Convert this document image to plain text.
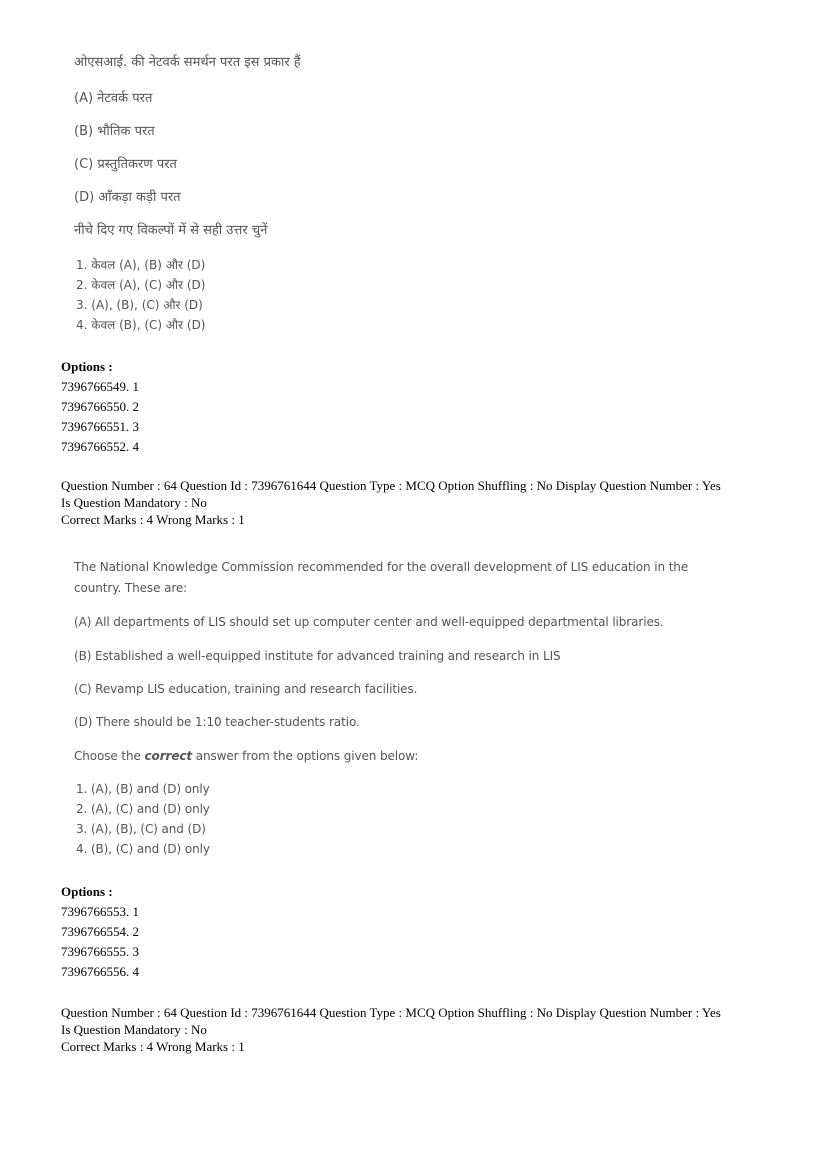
ओएसआई. की नेटवर्क समर्थन परत इस प्रकार हैं
(A) नेटवर्क परत
(B) भौतिक परत
(C) प्रस्तुतिकरण परत
(D) आँकड़ा कड़ी परत
नीचे दिए गए विकल्पों में से सही उत्तर चुनें
1. केवल (A), (B) और (D)
2. केवल (A), (C) और (D)
3. (A), (B), (C) और (D)
4. केवल (B), (C) और (D)
Options :
7396766549. 1
7396766550. 2
7396766551. 3
7396766552. 4
Question Number : 64 Question Id : 7396761644 Question Type : MCQ Option Shuffling : No Display Question Number : Yes
Is Question Mandatory : No
Correct Marks : 4 Wrong Marks : 1
The National Knowledge Commission recommended for the overall development of LIS education in the
country. These are:
(A) All departments of LIS should set up computer center and well-equipped departmental libraries.
(B) Established a well-equipped institute for advanced training and research in LIS
(C) Revamp LIS education, training and research facilities.
(D) There should be 1:10 teacher-students ratio.
Choose the correct answer from the options given below:
1. (A), (B) and (D) only
2. (A), (C) and (D) only
3. (A), (B), (C) and (D)
4. (B), (C) and (D) only
Options :
7396766553. 1
7396766554. 2
7396766555. 3
7396766556. 4
Question Number : 64 Question Id : 7396761644 Question Type : MCQ Option Shuffling : No Display Question Number : Yes
Is Question Mandatory : No
Correct Marks : 4 Wrong Marks : 1
